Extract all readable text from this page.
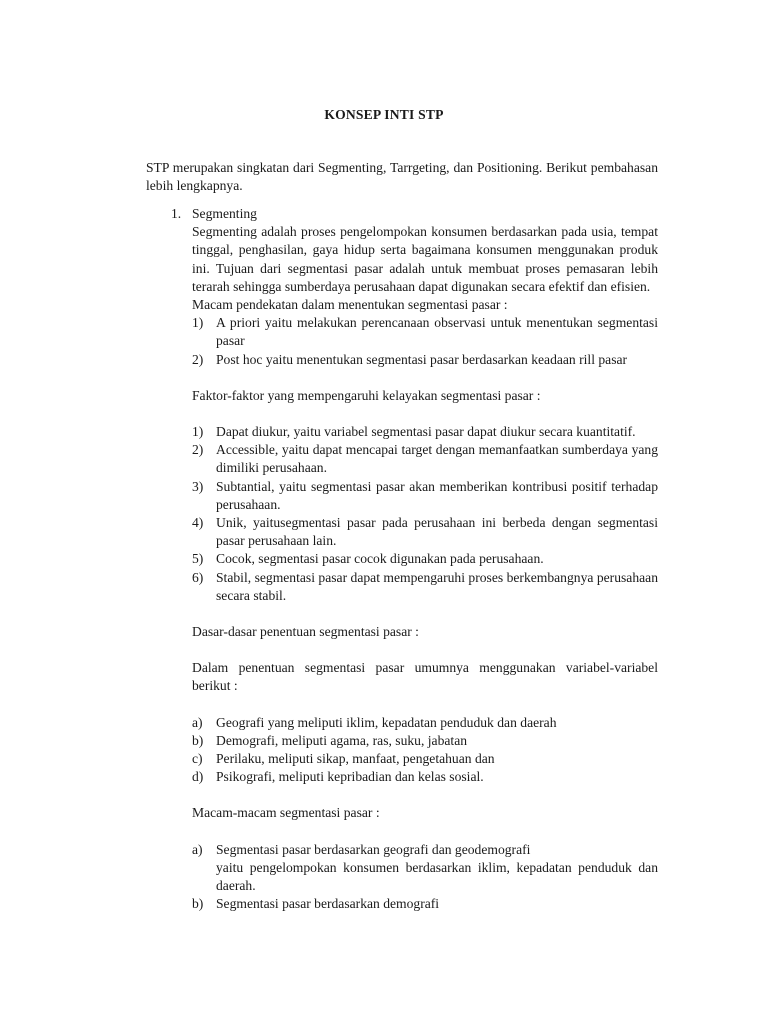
KONSEP INTI STP
STP merupakan singkatan dari Segmenting, Tarrgeting, dan Positioning. Berikut pembahasan lebih lengkapnya.
1. Segmenting

Segmenting adalah proses pengelompokan konsumen berdasarkan pada usia, tempat tinggal, penghasilan, gaya hidup serta bagaimana konsumen menggunakan produk ini. Tujuan dari segmentasi pasar adalah untuk membuat proses pemasaran lebih terarah sehingga sumberdaya perusahaan dapat digunakan secara efektif dan efisien.

Macam pendekatan dalam menentukan segmentasi pasar :

1) A priori yaitu melakukan perencanaan observasi untuk menentukan segmentasi pasar

2) Post hoc yaitu menentukan segmentasi pasar berdasarkan keadaan rill pasar

Faktor-faktor yang mempengaruhi kelayakan segmentasi pasar :

1) Dapat diukur, yaitu variabel segmentasi pasar dapat diukur secara kuantitatif.

2) Accessible, yaitu dapat mencapai target dengan memanfaatkan sumberdaya yang dimiliki perusahaan.

3) Subtantial, yaitu segmentasi pasar akan memberikan kontribusi positif terhadap perusahaan.

4) Unik, yaitusegmentasi pasar pada perusahaan ini berbeda dengan segmentasi pasar perusahaan lain.

5) Cocok, segmentasi pasar cocok digunakan pada perusahaan.

6) Stabil, segmentasi pasar dapat mempengaruhi proses berkembangnya perusahaan secara stabil.

Dasar-dasar penentuan segmentasi pasar :

Dalam penentuan segmentasi pasar umumnya menggunakan variabel-variabel berikut :

a) Geografi yang meliputi iklim, kepadatan penduduk dan daerah

b) Demografi, meliputi agama, ras, suku, jabatan

c) Perilaku, meliputi sikap, manfaat, pengetahuan dan

d) Psikografi, meliputi kepribadian dan kelas sosial.

Macam-macam segmentasi pasar :

a) Segmentasi pasar berdasarkan geografi dan geodemografi

yaitu pengelompokan konsumen berdasarkan iklim, kepadatan penduduk dan daerah.

b) Segmentasi pasar berdasarkan demografi
